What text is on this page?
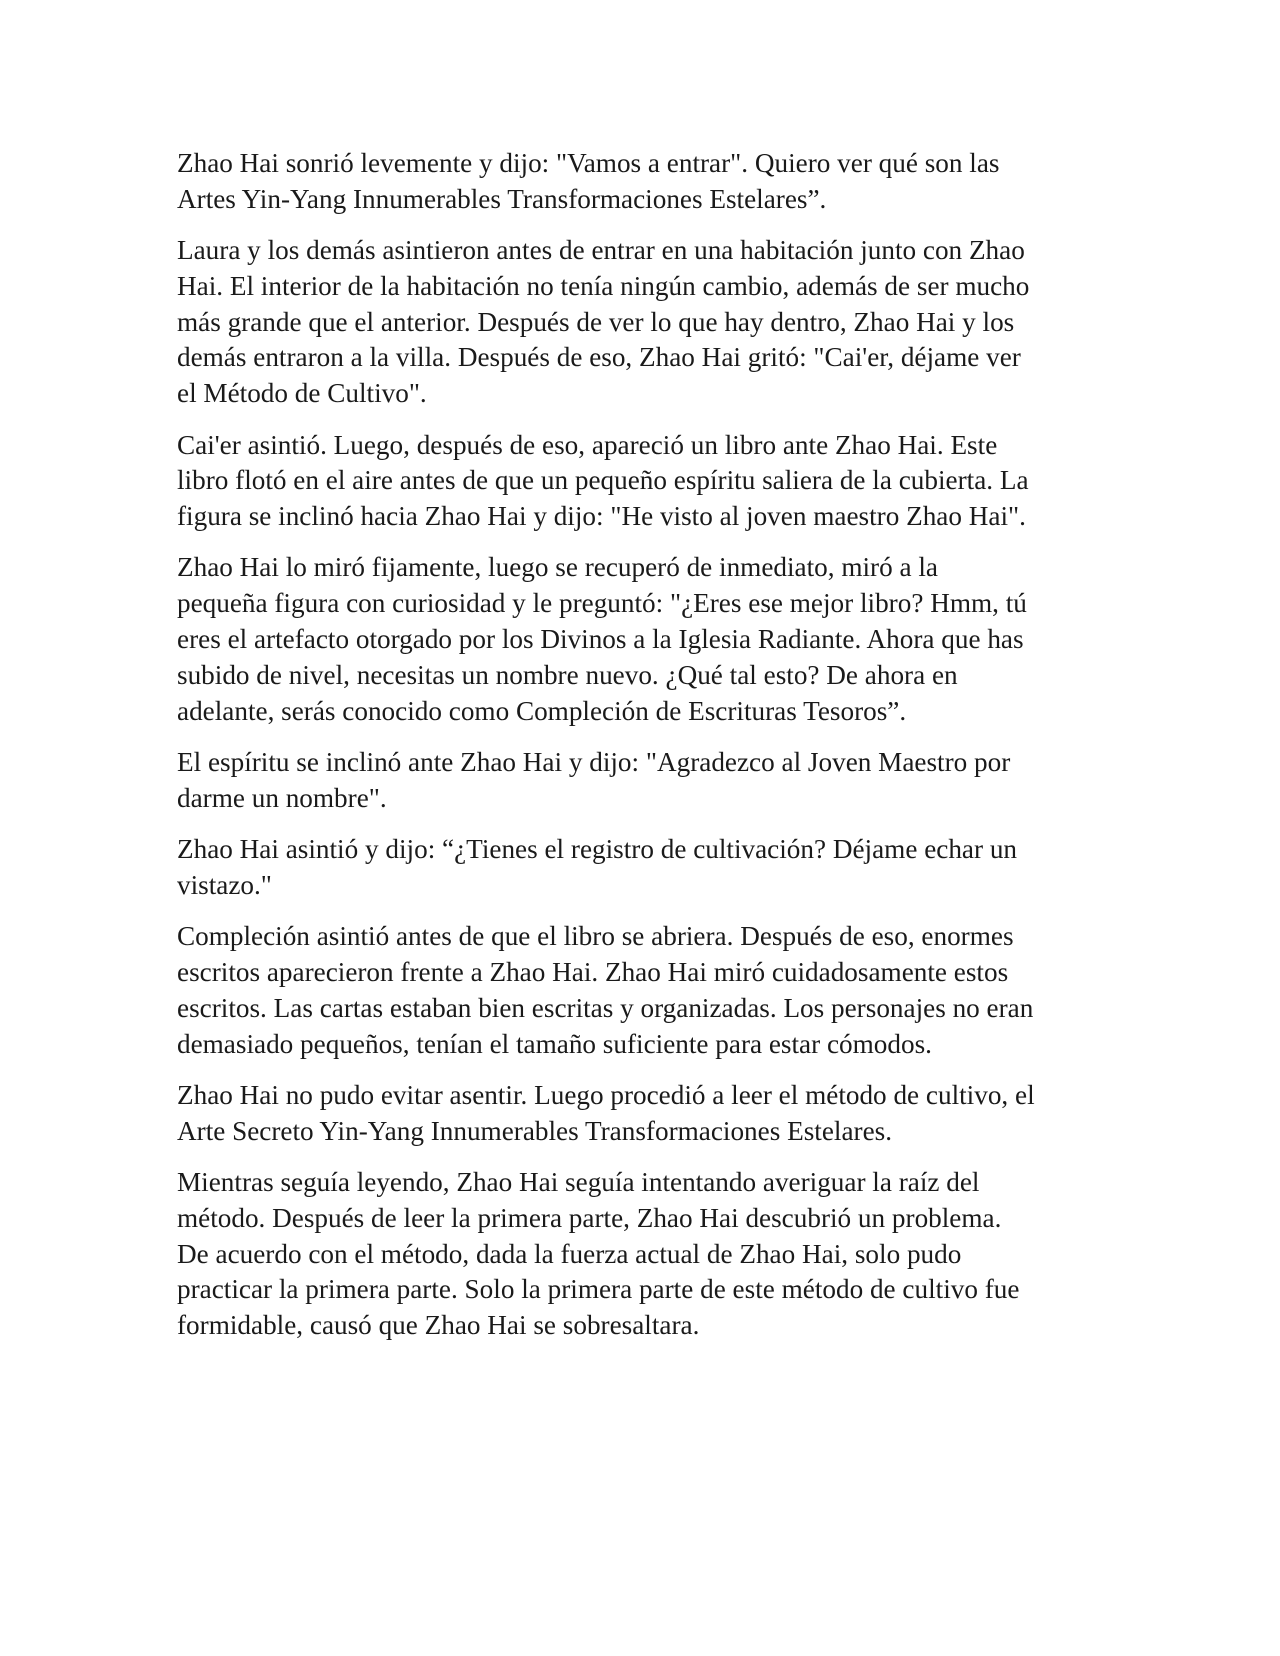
Zhao Hai sonrió levemente y dijo: "Vamos a entrar". Quiero ver qué son las
Artes Yin-Yang Innumerables Transformaciones Estelares”.

Laura y los demás asintieron antes de entrar en una habitación junto con Zhao
Hai. El interior de la habitación no tenía ningún cambio, además de ser mucho
más grande que el anterior. Después de ver lo que hay dentro, Zhao Hai y los
demás entraron a la villa. Después de eso, Zhao Hai gritó: "Cai'er, déjame ver
el Método de Cultivo".

Cai'er asintió. Luego, después de eso, apareció un libro ante Zhao Hai. Este
libro flotó en el aire antes de que un pequeño espíritu saliera de la cubierta. La
figura se inclinó hacia Zhao Hai y dijo: "He visto al joven maestro Zhao Hai".

Zhao Hai lo miró fijamente, luego se recuperó de inmediato, miró a la
pequeña figura con curiosidad y le preguntó: "¿Eres ese mejor libro? Hmm, tú
eres el artefacto otorgado por los Divinos a la Iglesia Radiante. Ahora que has
subido de nivel, necesitas un nombre nuevo. ¿Qué tal esto? De ahora en
adelante, serás conocido como Compleción de Escrituras Tesoros”.

El espíritu se inclinó ante Zhao Hai y dijo: "Agradezco al Joven Maestro por
darme un nombre".

Zhao Hai asintió y dijo: “¿Tienes el registro de cultivación? Déjame echar un
vistazo."

Compleción asintió antes de que el libro se abriera. Después de eso, enormes
escritos aparecieron frente a Zhao Hai. Zhao Hai miró cuidadosamente estos
escritos. Las cartas estaban bien escritas y organizadas. Los personajes no eran
demasiado pequeños, tenían el tamaño suficiente para estar cómodos.

Zhao Hai no pudo evitar asentir. Luego procedió a leer el método de cultivo, el
Arte Secreto Yin-Yang Innumerables Transformaciones Estelares.

Mientras seguía leyendo, Zhao Hai seguía intentando averiguar la raíz del
método. Después de leer la primera parte, Zhao Hai descubrió un problema.
De acuerdo con el método, dada la fuerza actual de Zhao Hai, solo pudo
practicar la primera parte. Solo la primera parte de este método de cultivo fue
formidable, causó que Zhao Hai se sobresaltara.
